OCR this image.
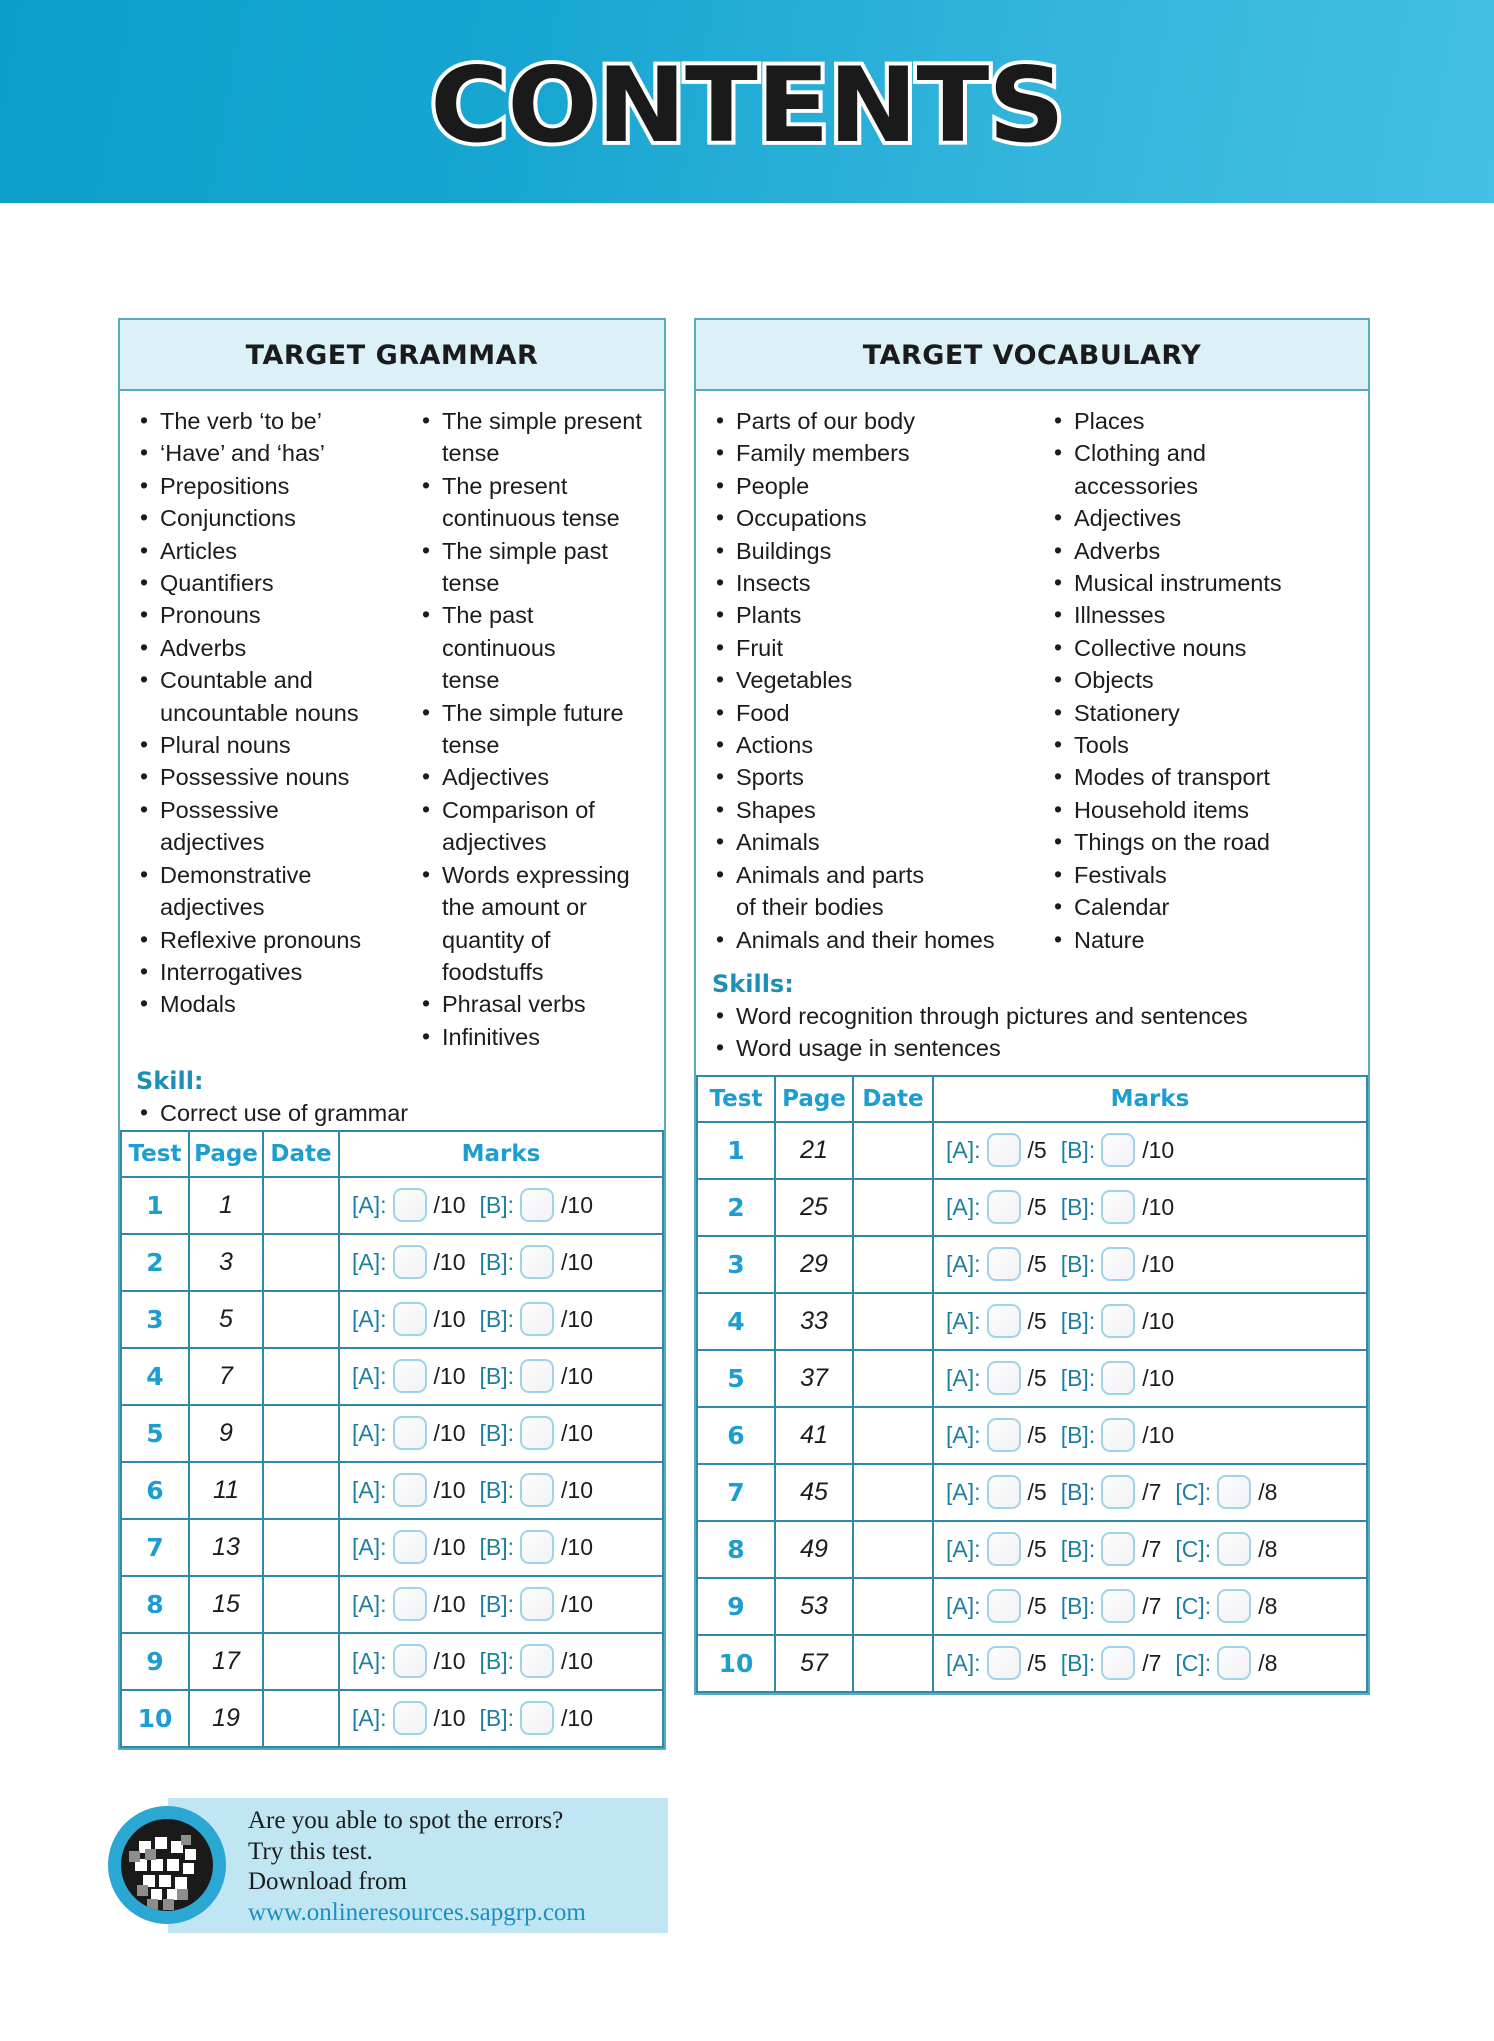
CONTENTS
TARGET GRAMMAR
• The verb ‘to be’
• ‘Have’ and ‘has’
• Prepositions
• Conjunctions
• Articles
• Quantifiers
• Pronouns
• Adverbs
• Countable and
uncountable nouns
• Plural nouns
• Possessive nouns
• Possessive
adjectives
• Demonstrative
adjectives
• Reflexive pronouns
• Interrogatives
• Modals
• The simple present
tense
• The present
continuous tense
• The simple past
tense
• The past continuous
tense
• The simple future
tense
• Adjectives
• Comparison of
adjectives
• Words expressing
the amount or
quantity of
foodstuffs
• Phrasal verbs
• Infinitives
Skill:
• Correct use of grammar
Test	Page	Date	Marks
1	1		[A]: /10 [B]: /10

2	3		[A]: /10 [B]: /10

3	5		[A]: /10 [B]: /10

4	7		[A]: /10 [B]: /10

5	9		[A]: /10 [B]: /10

6	11		[A]: /10 [B]: /10

7	13		[A]: /10 [B]: /10

8	15		[A]: /10 [B]: /10

9	17		[A]: /10 [B]: /10

10	19		[A]: /10 [B]: /10
TARGET VOCABULARY
• Parts of our body
• Family members
• People
• Occupations
• Buildings
• Insects
• Plants
• Fruit
• Vegetables
• Food
• Actions
• Sports
• Shapes
• Animals
• Animals and parts
of their bodies
• Animals and their homes
• Places
• Clothing and
accessories
• Adjectives
• Adverbs
• Musical instruments
• Illnesses
• Collective nouns
• Objects
• Stationery
• Tools
• Modes of transport
• Household items
• Things on the road
• Festivals
• Calendar
• Nature
Skills:
• Word recognition through pictures and sentences
• Word usage in sentences
Test	Page	Date	Marks
1	21		[A]: /5 [B]: /10

2	25		[A]: /5 [B]: /10

3	29		[A]: /5 [B]: /10

4	33		[A]: /5 [B]: /10

5	37		[A]: /5 [B]: /10

6	41		[A]: /5 [B]: /10

7	45		[A]: /5 [B]: /7 [C]: /8

8	49		[A]: /5 [B]: /7 [C]: /8

9	53		[A]: /5 [B]: /7 [C]: /8

10	57		[A]: /5 [B]: /7 [C]: /8
Are you able to spot the errors?
Try this test.
Download from
www.onlineresources.sapgrp.com
